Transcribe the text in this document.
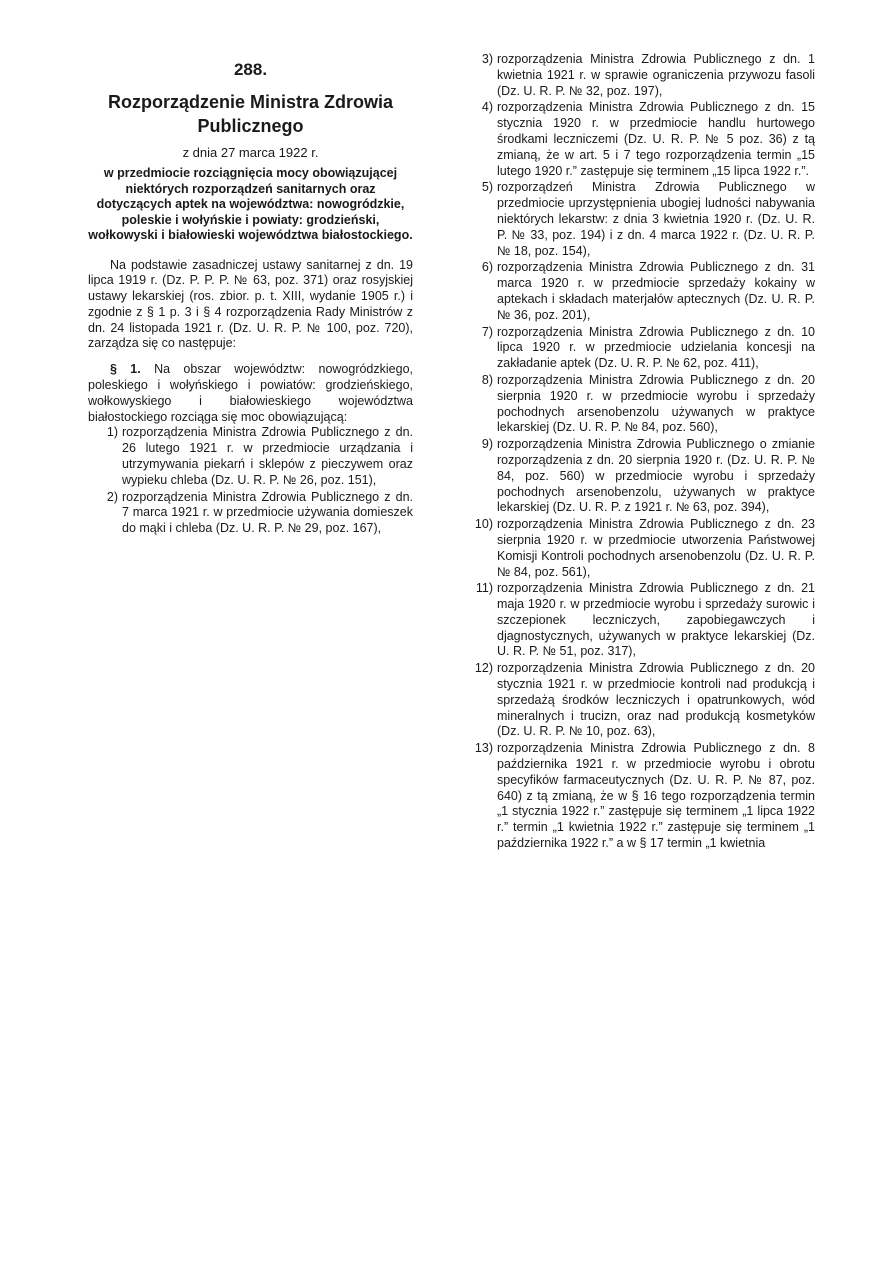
288.
Rozporządzenie Ministra Zdrowia Publicznego
z dnia 27 marca 1922 r.
w przedmiocie rozciągnięcia mocy obowiązującej niektórych rozporządzeń sanitarnych oraz dotyczących aptek na województwa: nowogródzkie, poleskie i wołyńskie i powiaty: grodzieński, wołkowyski i białowieski województwa białostockiego.

Na podstawie zasadniczej ustawy sanitarnej z dn. 19 lipca 1919 r. (Dz. P. P. P. № 63, poz. 371) oraz rosyjskiej ustawy lekarskiej (ros. zbior. p. t. XIII, wydanie 1905 r.) i zgodnie z § 1 p. 3 i § 4 rozporządzenia Rady Ministrów z dn. 24 listopada 1921 r. (Dz. U. R. P. № 100, poz. 720), zarządza się co następuje:

§ 1. Na obszar województw: nowogródzkiego, poleskiego i wołyńskiego i powiatów: grodzieńskiego, wołkowyskiego i białowieskiego województwa białostockiego rozciąga się moc obowiązującą:

1) rozporządzenia Ministra Zdrowia Publicznego z dn. 26 lutego 1921 r. w przedmiocie urządzania i utrzymywania piekarń i sklepów z pieczywem oraz wypieku chleba (Dz. U. R. P. № 26, poz. 151),
2) rozporządzenia Ministra Zdrowia Publicznego z dn. 7 marca 1921 r. w przedmiocie używania domieszek do mąki i chleba (Dz. U. R. P. № 29, poz. 167),
3) rozporządzenia Ministra Zdrowia Publicznego z dn. 1 kwietnia 1921 r. w sprawie ograniczenia przywozu fasoli (Dz. U. R. P. № 32, poz. 197),
4) rozporządzenia Ministra Zdrowia Publicznego z dn. 15 stycznia 1920 r. w przedmiocie handlu hurtowego środkami leczniczemi (Dz. U. R. P. № 5 poz. 36) z tą zmianą, że w art. 5 i 7 tego rozporządzenia termin „15 lutego 1920 r.” zastępuje się terminem „15 lipca 1922 r.”.
5) rozporządzeń Ministra Zdrowia Publicznego w przedmiocie uprzystępnienia ubogiej ludności nabywania niektórych lekarstw: z dnia 3 kwietnia 1920 r. (Dz. U. R. P. № 33, poz. 194) i z dn. 4 marca 1922 r. (Dz. U. R. P. № 18, poz. 154),
6) rozporządzenia Ministra Zdrowia Publicznego z dn. 31 marca 1920 r. w przedmiocie sprzedaży kokainy w aptekach i składach materjałów aptecznych (Dz. U. R. P. № 36, poz. 201),
7) rozporządzenia Ministra Zdrowia Publicznego z dn. 10 lipca 1920 r. w przedmiocie udzielania koncesji na zakładanie aptek (Dz. U. R. P. № 62, poz. 411),
8) rozporządzenia Ministra Zdrowia Publicznego z dn. 20 sierpnia 1920 r. w przedmiocie wyrobu i sprzedaży pochodnych arsenobenzolu używanych w praktyce lekarskiej (Dz. U. R. P. № 84, poz. 560),
9) rozporządzenia Ministra Zdrowia Publicznego o zmianie rozporządzenia z dn. 20 sierpnia 1920 r. (Dz. U. R. P. № 84, poz. 560) w przedmiocie wyrobu i sprzedaży pochodnych arsenobenzolu, używanych w praktyce lekarskiej (Dz. U. R. P. z 1921 r. № 63, poz. 394),
10) rozporządzenia Ministra Zdrowia Publicznego z dn. 23 sierpnia 1920 r. w przedmiocie utworzenia Państwowej Komisji Kontroli pochodnych arsenobenzolu (Dz. U. R. P. № 84, poz. 561),
11) rozporządzenia Ministra Zdrowia Publicznego z dn. 21 maja 1920 r. w przedmiocie wyrobu i sprzedaży surowic i szczepionek leczniczych, zapobiegawczych i djagnostycznych, używanych w praktyce lekarskiej (Dz. U. R. P. № 51, poz. 317),
12) rozporządzenia Ministra Zdrowia Publicznego z dn. 20 stycznia 1921 r. w przedmiocie kontroli nad produkcją i sprzedażą środków leczniczych i opatrunkowych, wód mineralnych i trucizn, oraz nad produkcją kosmetyków (Dz. U. R. P. № 10, poz. 63),
13) rozporządzenia Ministra Zdrowia Publicznego z dn. 8 października 1921 r. w przedmiocie wyrobu i obrotu specyfików farmaceutycznych (Dz. U. R. P. № 87, poz. 640) z tą zmianą, że w § 16 tego rozporządzenia termin „1 stycznia 1922 r.” zastępuje się terminem „1 lipca 1922 r.” termin „1 kwietnia 1922 r.” zastępuje się terminem „1 października 1922 r.” a w § 17 termin „1 kwietnia
